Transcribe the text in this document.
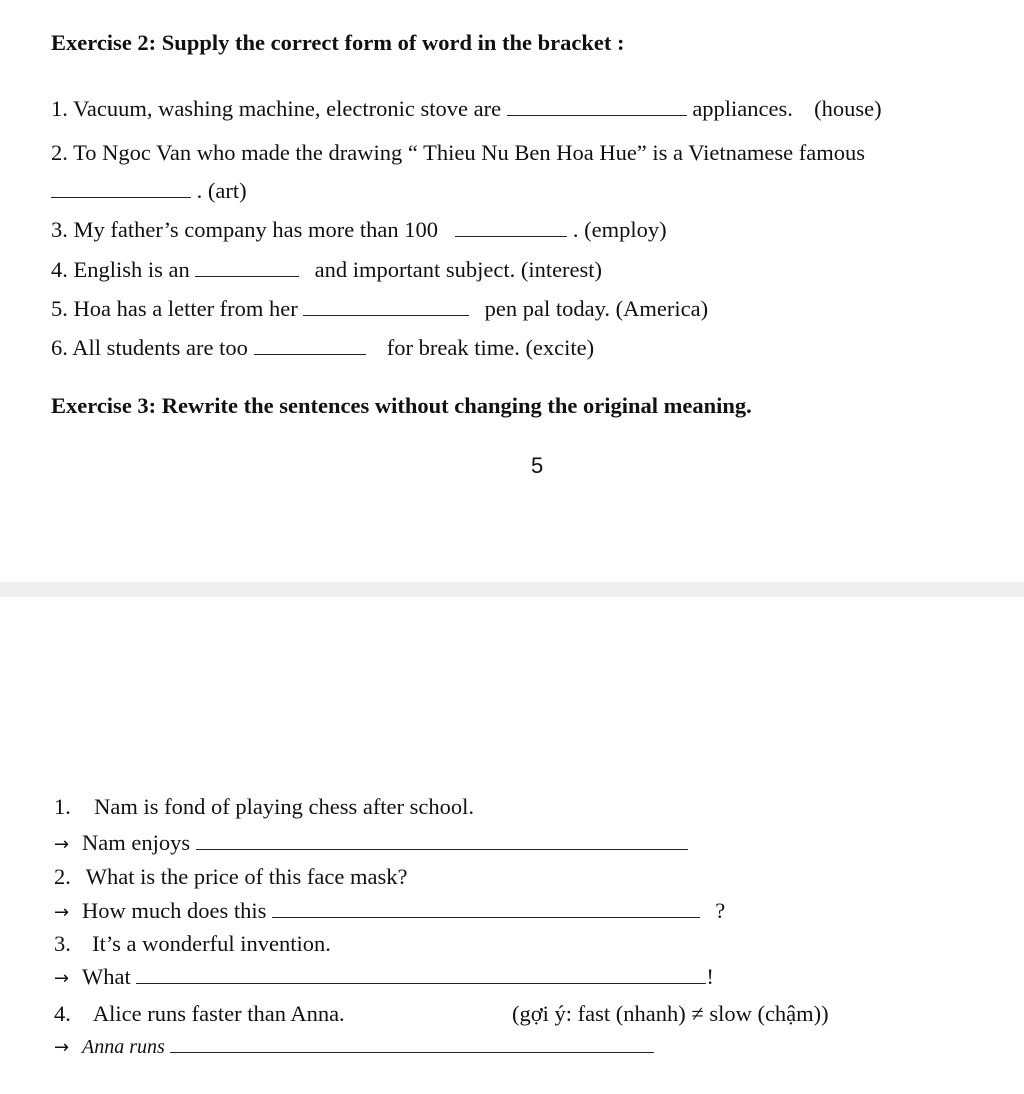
Exercise 2: Supply the correct form of word in the bracket :
1. Vacuum, washing machine, electronic stove are	appliances. (house)
2. To Ngoc Van who made the drawing “ Thieu Nu Ben Hoa Hue” is a Vietnamese famous
. (art)
3. My father’s company has more than 100	. (employ)
4. English is an	and important subject. (interest)
5. Hoa has a letter from her	pen pal today. (America)
6. All students are too	for break time. (excite)
Exercise 3: Rewrite the sentences without changing the original meaning.
5
1. Nam is fond of playing chess after school.
→ Nam enjoys
2. What is the price of this face mask?
→ How much does this	?
3. It’s a wonderful invention.
→ What	!
4. Alice runs faster than Anna.	(gợi ý: fast (nhanh) ≠ slow (chậm))
→ Anna runs
